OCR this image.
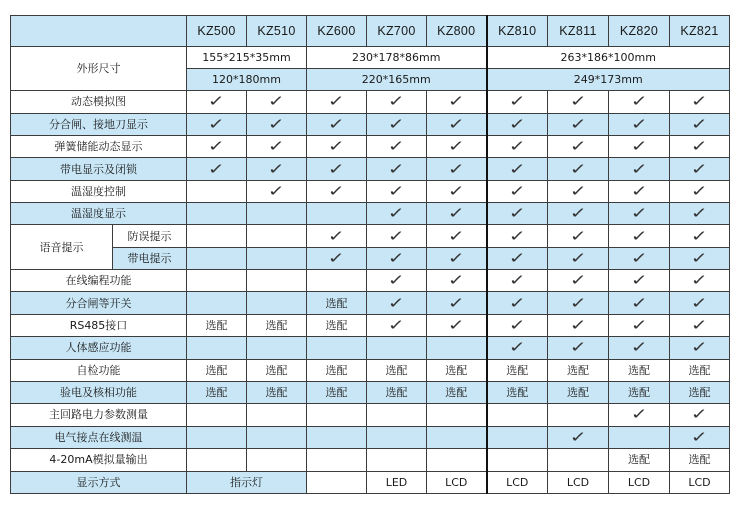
		KZ500	KZ510	KZ600	KZ700	KZ800	KZ810	KZ811	KZ820	KZ821
外形尺寸		155*215*35mm		230*178*86mm			263*186*100mm			
		120*180mm		220*165mm			249*173mm			
动态模拟图		✓	✓	✓	✓	✓	✓	✓	✓	✓
分合闸、接地刀显示		✓	✓	✓	✓	✓	✓	✓	✓	✓
弹簧储能动态显示		✓	✓	✓	✓	✓	✓	✓	✓	✓
带电显示及闭锁		✓	✓	✓	✓	✓	✓	✓	✓	✓
温湿度控制			✓	✓	✓	✓	✓	✓	✓	✓
温湿度显示					✓	✓	✓	✓	✓	✓
语音提示	防误提示			✓	✓	✓	✓	✓	✓	✓
	带电提示			✓	✓	✓	✓	✓	✓	✓
在线编程功能					✓	✓	✓	✓	✓	✓
分合闸等开关				选配	✓	✓	✓	✓	✓	✓
RS485接口		选配	选配	选配	✓	✓	✓	✓	✓	✓
人体感应功能							✓	✓	✓	✓
自检功能		选配	选配	选配	选配	选配	选配	选配	选配	选配
验电及核相功能		选配	选配	选配	选配	选配	选配	选配	选配	选配
主回路电力参数测量									✓	✓
电气接点在线测温								✓		✓
4-20mA模拟量输出									选配	选配
显示方式		指示灯			LED	LCD	LCD	LCD	LCD	LCD
